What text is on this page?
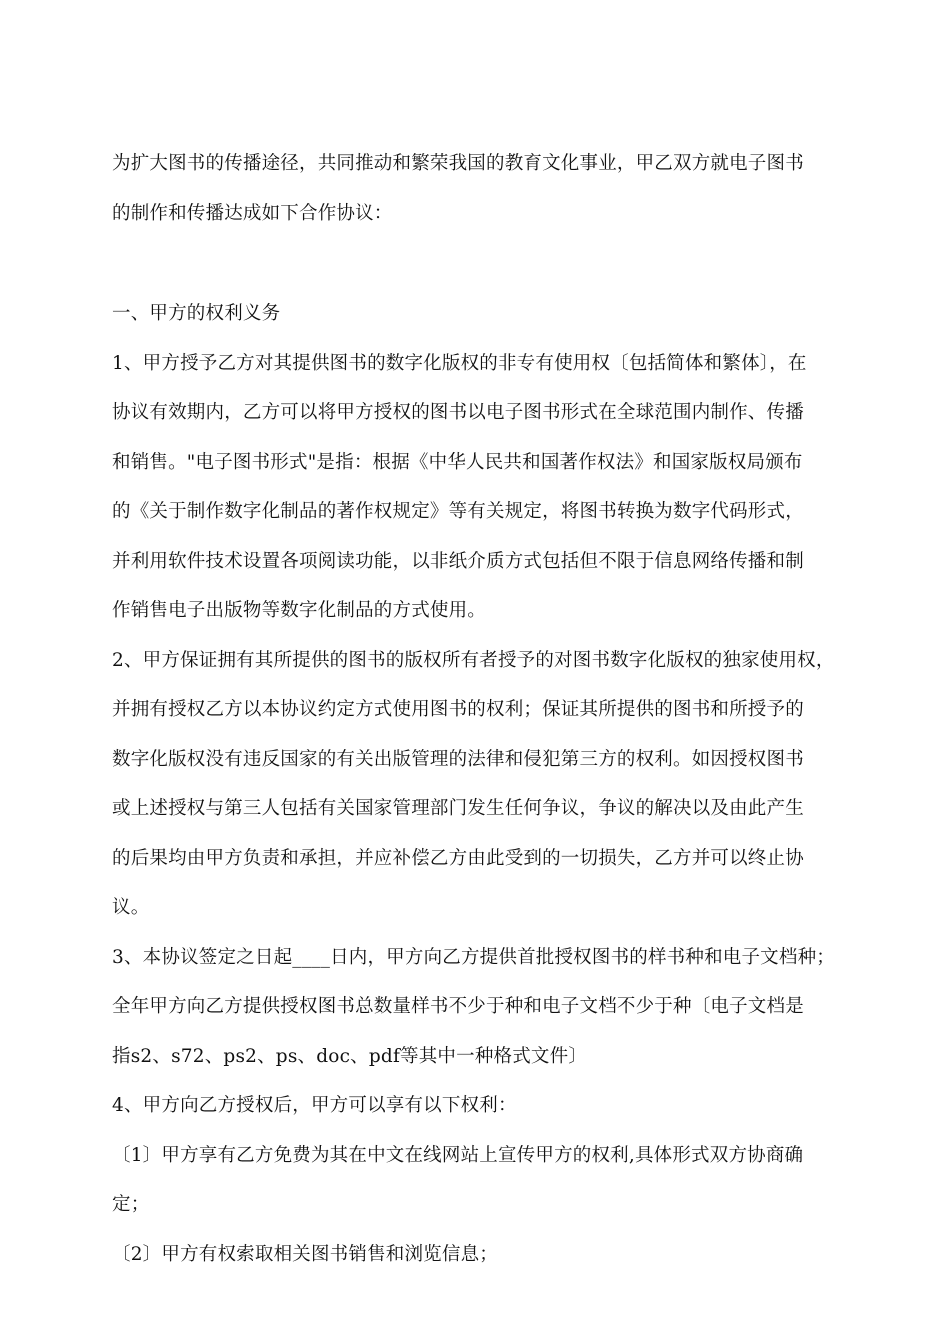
为扩大图书的传播途径，共同推动和繁荣我国的教育文化事业，甲乙双方就电子图书
的制作和传播达成如下合作协议：
一、甲方的权利义务
1、甲方授予乙方对其提供图书的数字化版权的非专有使用权〔包括简体和繁体〕，在
协议有效期内，乙方可以将甲方授权的图书以电子图书形式在全球范围内制作、传播
和销售。"电子图书形式"是指：根据《中华人民共和国著作权法》和国家版权局颁布
的《关于制作数字化制品的著作权规定》等有关规定，将图书转换为数字代码形式，
并利用软件技术设置各项阅读功能，以非纸介质方式包括但不限于信息网络传播和制
作销售电子出版物等数字化制品的方式使用。
2、甲方保证拥有其所提供的图书的版权所有者授予的对图书数字化版权的独家使用权，
并拥有授权乙方以本协议约定方式使用图书的权利；保证其所提供的图书和所授予的
数字化版权没有违反国家的有关出版管理的法律和侵犯第三方的权利。如因授权图书
或上述授权与第三人包括有关国家管理部门发生任何争议，争议的解决以及由此产生
的后果均由甲方负责和承担，并应补偿乙方由此受到的一切损失，乙方并可以终止协
议。
3、本协议签定之日起____日内，甲方向乙方提供首批授权图书的样书种和电子文档种；
全年甲方向乙方提供授权图书总数量样书不少于种和电子文档不少于种〔电子文档是
指s2、s72、ps2、ps、doc、pdf等其中一种格式文件〕
4、甲方向乙方授权后，甲方可以享有以下权利：
〔1〕甲方享有乙方免费为其在中文在线网站上宣传甲方的权利,具体形式双方协商确
定；
〔2〕甲方有权索取相关图书销售和浏览信息；
